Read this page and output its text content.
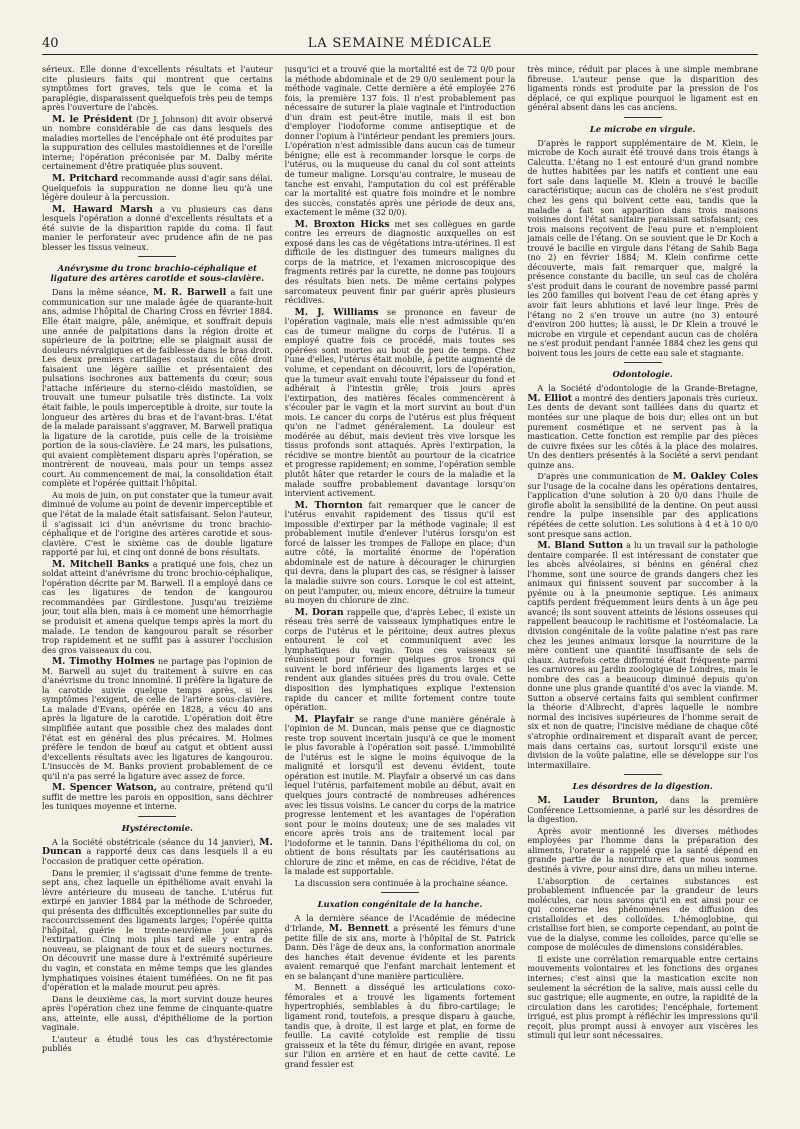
40	LA SEMAINE MÉDICALE

sérieux. Elle donne d'excellents résultats et l'auteur cite plusieurs faits qui montrent que certains symptômes fort graves, tels que le coma et la paraplégie, disparaissent quelquefois très peu de temps après l'ouverture de l'abcès.

M. le Président (Dr J. Johnson) dit avoir observé un nombre considérable de cas dans lesquels des maladies mortelles de l'encéphale ont été produites par la suppuration des cellules mastoïdiennes et de l'oreille interne; l'opération préconisée par M. Dalby mérite certainement d'être pratiquée plus souvent.

M. Pritchard recommande aussi d'agir sans délai. Quelquefois la suppuration ne donne lieu qu'à une légère douleur à la percussion.

M. Haward Marsh a vu plusieurs cas dans lesquels l'opération a donné d'excellents résultats et a été suivie de la disparition rapide du coma. Il faut manier le perforateur avec prudence afin de ne pas blesser les tissus veineux.

Anévrysme du tronc brachio-céphalique et ligature des artères carotide et sous-clavière.

Dans la même séance, M. R. Barwell a fait une communication sur une malade âgée de quarante-huit ans, admise l'hôpital de Charing Cross en février 1884. Elle était maigre, pâle, anémique, et souffrait depuis une année de palpitations dans la région droite et supérieure de la poitrine; elle se plaignait aussi de douleurs névralgiques et de faiblesse dans le bras droit. Les deux premiers cartilages costaux du côté droit faisaient une légère saillie et présentaient des pulsations isochrones aux battements du cœur; sous l'attache inférieure du sterno-cléido mastoïdien, se trouvait une tumeur pulsatile très distincte. La voix était faible, le pouls imperceptible à droite, sur toute la longueur des artères du bras et de l'avant-bras. L'état de la malade paraissant s'aggraver, M. Barwell pratiqua la ligature de la carotide, puis celle de la troisième portion de la sous-clavière. Le 24 mars, les pulsations, qui avaient complètement disparu après l'opération, se montrèrent de nouveau, mais pour un temps assez court. Au commencement de mai, la consolidation était complète et l'opérée quittait l'hôpital.

Au mois de juin, on put constater que la tumeur avait diminué de volume au point de devenir imperceptible et que l'état de la malade était satisfaisant. Selon l'auteur, il s'agissait ici d'un anévrisme du tronc brachio-céphalique et de l'origine des artères carotide et sous-clavière. C'est le sixième cas de double ligature rapporté par lui, et cinq ont donné de bons résultats.

M. Mitchell Banks a pratiqué une fois, chez un soldat atteint d'anévrisme du tronc brochio-céphalique, l'opération décrite par M. Barwell. Il a employé dans ce cas les ligatures de tendon de kangourou recommandées par Girdlestone. Jusqu'au treizième jour, tout alla bien, mais à ce moment une hémorrhagie se produisit et amena quelque temps après la mort du malade. Le tendon de kangourou paraît se résorber trop rapidement et ne suffit pas à assurer l'occlusion des gros vaisseaux du cou.

M. Timothy Holmes ne partage pas l'opinion de M. Barwell au sujet du traitement à suivre en cas d'anévrisme du tronc innominé. Il préfère la ligature de la carotide suivie quelque temps après, si les symptômes l'exigent, de celle de l'artère sous-clavière. La malade d'Evans, opérée en 1828, a vécu 40 ans après la ligature de la carotide. L'opération doit être simplifiée autant que possible chez des malades dont l'état est en général des plus précaires. M. Holmes préfère le tendon de bœuf au catgut et obtient aussi d'excellents résultats avec les ligatures de kangourou. L'insuccès de M. Banks provient probablement de ce qu'il n'a pas serré la ligature avec assez de force.

M. Spencer Watson, au contraire, prétend qu'il suffit de mettre les parois en opposition, sans déchirer les tuniques moyenne et interne.

Hystérectomie.

A la Société obstétricale (séance du 14 janvier), M. Duncan a rapporté deux cas dans lesquels il a eu l'occasion de pratiquer cette opération.

Dans le premier, il s'agissait d'une femme de trente-sept ans, chez laquelle un épithéliome avait envahi la lèvre antérieure du museau de tanche. L'utérus fut extirpé en janvier 1884 par la méthode de Schroeder, qui présenta des difficultés exceptionnelles par suite du raccourcissement des ligaments larges; l'opérée quitta l'hôpital, guérie le trente-neuvième jour après l'extirpation. Cinq mois plus tard elle y entra de nouveau, se plaignant de toux et de sueurs nocturnes. On découvrit une masse dure à l'extrémité supérieure du vagin, et constata en même temps que les glandes lymphatiques voisines étaient tuméfiées. On ne fit pas d'opération et la malade mourut peu après.

Dans le deuxième cas, la mort survint douze heures après l'opération chez une femme de cinquante-quatre ans, atteinte, elle aussi, d'épithéliome de la portion vaginale.

L'auteur a étudié tous les cas d'hystérectomie publiés

jusqu'ici et a trouvé que la mortalité est de 72 0/0 pour la méthode abdominale et de 29 0/0 seulement pour la méthode vaginale. Cette dernière a été employée 276 fois, la première 137 fois. Il n'est probablement pas nécessaire de suturer la plaie vaginale et l'introduction d'un drain est peut-être inutile, mais il est bon d'employer l'iodoforme comme antiseptique et de donner l'opium à l'intérieur pendant les premiers jours. L'opération n'est admissible dans aucun cas de tumeur bénigne; elle est à recommander lorsque le corps de l'utérus, ou la muqueuse du canal du col sont atteints de tumeur maligne. Lorsqu'au contraire, le museau de tanche est envahi, l'amputation du col est préférable car la mortalité est quatre fois moindre et le nombre des succès, constatés après une période de deux ans, exactement le même (32 0/0).

M. Broxton Hicks met ses collègues en garde contre les erreurs de diagnostic auxquelles on est exposé dans les cas de végétations intra-utérines. Il est difficile de les distinguer des tumeurs malignes du corps de la matrice, et l'examen microscopique des fragments retirés par la curette, ne donne pas toujours des résultats bien nets. De même certains polypes sarcomateux peuvent finir par guérir après plusieurs récidives.

M. J. Williams se prononce en faveur de l'opération vaginale, mais elle n'est admissible qu'en cas de tumeur maligne du corps de l'utérus. Il a employé quatre fois ce procédé, mais toutes ses opérées sont mortes au bout de peu de temps. Chez l'une d'elles, l'utérus était mobile, à petite augmenté de volume, et cependant on découvrit, lors de l'opération, que la tumeur avait envahi toute l'épaisseur du fond et adhérait à l'intestin grêle; trois jours après l'extirpation, des matières fécales commencèrent à s'écouler par le vagin et la mort survint au bout d'un mois. Le cancer du corps de l'utérus est plus fréquent qu'on ne l'admet généralement. La douleur est modérée au début, mais devient très vive lorsque les tissus profonds sont attaqués. Après l'extirpation, la récidive se montre bientôt au pourtour de la cicatrice et progresse rapidement; en somme, l'opération semble plutôt hâter que retarder le cours de la maladie et la malade souffre probablement davantage lorsqu'on intervient activement.

M. Thornton fait remarquer que le cancer de l'utérus envahit rapidement des tissus qu'il est impossible d'extirper par la méthode vaginale; il est probablement inutile d'enlever l'utérus lorsqu'on est forcé de laisser les trompes de Fallope en place; d'un autre côté, la mortalité énorme de l'opération abdominale est de nature à décourager le chirurgien qui devra, dans la plupart des cas, se résigner à laisser la maladie suivre son cours. Lorsque le col est atteint, on peut l'amputer, ou, mieux encore, détruire la tumeur au moyen du chlorure de zinc.

M. Doran rappelle que, d'après Lebec, il existe un réseau très serré de vaisseaux lymphatiques entre le corps de l'utérus et le péritoine; deux autres plexus entourent le col et communiquent avec les lymphatiques du vagin. Tous ces vaisseaux se réunissent pour former quelques gros troncs qui suivent le bord inférieur des ligaments larges et se rendent aux glandes situées près du trou ovale. Cette disposition des lymphatiques explique l'extension rapide du cancer et milite fortement contre toute opération.

M. Playfair se range d'une manière générale à l'opinion de M. Duncan, mais pense que ce diagnostic reste trop souvent incertain jusqu'à ce que le moment le plus favorable à l'opération soit passé. L'immobilité de l'utérus est le signe le moins équivoque de la malignité et lorsqu'il est devenu évident, toute opération est inutile. M. Playfair a observé un cas dans lequel l'utérus, parfaitement mobile au début, avait en quelques jours contracté de nombreuses adhérences avec les tissus voisins. Le cancer du corps de la matrice progresse lentement et les avantages de l'opération sont pour le moins douteux; une de ses malades vit encore après trois ans de traitement local par l'iodoforme et le tannin. Dans l'épithélioma du col, on obtient de bons résultats par les cautérisations au chlorure de zinc et même, en cas de récidive, l'état de la malade est supportable.

La discussion sera continuée à la prochaine séance.

Luxation congénitale de la hanche.

A la dernière séance de l'Académie de médecine d'Irlande, M. Bennett a présenté les fémurs d'une petite fille de six ans, morte à l'hôpital de St. Patrick Dann. Dès l'âge de deux ans, la conformation anormale des hanches était devenue évidente et les parents avaient remarqué que l'enfant marchait lentement et en se balançant d'une manière particulière.

M. Bennett a disséqué les articulations coxo-fémorales et a trouvé les ligaments fortement hypertrophiés, semblables à du fibro-cartilage; le ligament rond, toutefois, a presque disparu à gauche, tandis que, à droite, il est large et plat, en forme de feuille. La cavité cotyloïde est remplie de tissu graisseux et la tête du fémur, dirigée en avant, repose sur l'ilion en arrière et en haut de cette cavité. Le grand fessier est

très mince, réduit par places à une simple membrane fibreuse. L'auteur pense que la disparition des ligaments ronds est produite par la pression de l'os déplacé, ce qui explique pourquoi le ligament est en général absent dans les cas anciens.

Le microbe en virgule.

D'après le rapport supplémentaire de M. Klein, le microbe de Koch aurait été trouvé dans trois étangs à Calcutta. L'étang no 1 est entouré d'un grand nombre de huttes habitées par les natifs et contient une eau fort sale dans laquelle M. Klein a trouvé le bacille caractéristique; aucun cas de choléra ne s'est produit chez les gens qui boivent cette eau, tandis que la maladie a fait son apparition dans trois maisons voisines dont l'état sanitaire paraissait satisfaisant; ces trois maisons reçoivent de l'eau pure et n'emploient jamais celle de l'étang. On se souvient que le Dr Koch a trouvé le bacille en virgule dans l'étang de Sahib Baga (no 2) en février 1884; M. Klein confirme cette découverte, mais fait remarquer que, malgré la présence constante du bacille, un seul cas de choléra s'est produit dans le courant de novembre passé parmi les 200 familles qui boivent l'eau de cet étang après y avoir fait leurs ablutions et lavé leur linge. Près de l'étang no 2 s'en trouve un autre (no 3) entouré d'environ 200 huttes; là aussi, le Dr Klein a trouvé le microbe en virgule et cependant aucun cas de choléra ne s'est produit pendant l'année 1884 chez les gens qui boivent tous les jours de cette eau sale et stagnante.

Odontologie.

A la Société d'odontologie de la Grande-Bretagne, M. Elliot a montré des dentiers japonais très curieux. Les dents de devant sont taillées dans du quartz et montées sur une plaque de bois dur; elles ont un but purement cosmétique et ne servent pas à la mastication. Cette fonction est remplie par des pièces de cuivre fixées sur les côtés à la place des molaires. Un des dentiers présentés à la Société a servi pendant quinze ans.

D'après une communication de M. Oakley Coles sur l'usage de la cocaïne dans les opérations dentaires, l'application d'une solution à 20 0/0 dans l'huile de girofle abolit la sensibilité de la dentine. On peut aussi rendre la pulpe insensible par des applications répétées de cette solution. Les solutions à 4 et à 10 0/0 sont presque sans action.

M. Bland Sutton a lu un travail sur la pathologie dentaire comparée. Il est intéressant de constater que les abcès alvéolaires, si bénins en général chez l'homme, sont une source de grands dangers chez les animaux qui finissent souvent par succomber à la pyémie ou à la pneumonie septique. Les animaux captifs perdent fréquemment leurs dents à un âge peu avancé; ils sont souvent atteints de lésions osseuses qui rappellent beaucoup le rachitisme et l'ostéomalacie. La division congénitale de la voûte palatine n'est pas rare chez les jeunes animaux lorsque la nourriture de la mère contient une quantité insuffisante de sels de chaux. Autrefois cette difformité était fréquente parmi les carnivores au Jardin zoologique de Londres, mais le nombre des cas a beaucoup diminué depuis qu'on donne une plus grande quantité d'os avec la viande. M. Sutton a observé certains faits qui semblent confirmer la théorie d'Albrecht, d'après laquelle le nombre normal des incisives supérieures de l'homme serait de six et non de quatre; l'incisive médiane de chaque côté s'atrophie ordinairement et disparaît avant de percer, mais dans certains cas, surtout lorsqu'il existe une division de la voûte palatine, elle se développe sur l'os intermaxillaire.

Les désordres de la digestion.

M. Lauder Brunton, dans la première Conférence Lettsomienne, a parlé sur les désordres de la digestion.

Après avoir mentionné les diverses méthodes employées par l'homme dans la préparation des aliments, l'orateur a rappelé que la santé dépend en grande partie de la nourriture et que nous sommes destinés à vivre, pour ainsi dire, dans un milieu interne.

L'absorption de certaines substances est probablement influencée par la grandeur de leurs molécules, car nous savons qu'il en est ainsi pour ce qui concerne les phénomènes de diffusion des cristalloïdes et des colloïdes. L'hémoglobine, qui cristallise fort bien, se comporte cependant, au point de vue de la dialyse, comme les colloïdes, parce qu'elle se compose de molécules de dimensions considérables.

Il existe une corrélation remarquable entre certains mouvements volontaires et les fonctions des organes internes; c'est ainsi que la mastication excite non seulement la sécrétion de la salive, mais aussi celle du suc gastrique; elle augmente, en outre, la rapidité de la circulation dans les carotides; l'encéphale, fortement irrigué, est plus prompt à réfléchir les impressions qu'il reçoit, plus prompt aussi à envoyer aux viscères les stimuli qui leur sont nécessaires.
